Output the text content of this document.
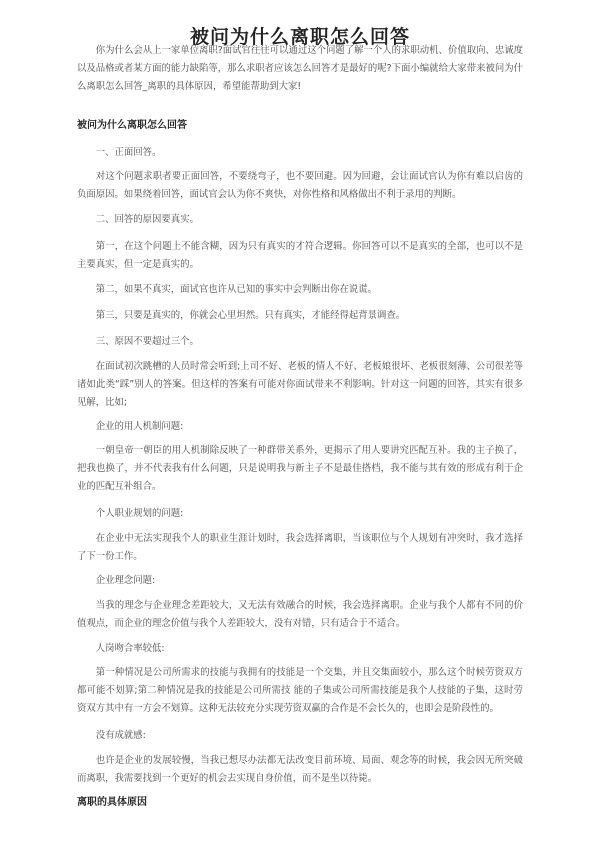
被问为什么离职怎么回答

你为什么会从上一家单位离职?面试官往往可以通过这个问题了解一个人的求职动机、价值取向、忠诚度以及品格或者某方面的能力缺陷等，那么求职者应该怎么回答才是最好的呢?下面小编就给大家带来被问为什么离职怎么回答_离职的具体原因，希望能帮助到大家!

被问为什么离职怎么回答

一、正面回答。

对这个问题求职者要正面回答，不要绕弯子，也不要回避。因为回避，会让面试官认为你有难以启齿的负面原因。如果绕着回答，面试官会认为你不爽快，对你性格和风格做出不利于录用的判断。

二、回答的原因要真实。

第一，在这个问题上不能含糊，因为只有真实的才符合逻辑。你回答可以不是真实的全部，也可以不是主要真实，但一定是真实的。

第二，如果不真实，面试官也许从已知的事实中会判断出你在说谎。

第三，只要是真实的，你就会心里坦然。只有真实，才能经得起背景调查。

三、原因不要超过三个。

在面试初次跳槽的人员时常会听到;上司不好、老板的情人不好、老板娘很坏、老板很刻薄、公司很差等诸如此类“踩”别人的答案。但这样的答案有可能对你面试带来不利影响。针对这一问题的回答，其实有很多见解，比如;

企业的用人机制问题:

一朝皇帝一朝臣的用人机制除反映了一种群带关系外，更揭示了用人要讲究匹配互补。我的主子换了，把我也换了，并不代表我有什么问题，只是说明我与新主子不是最佳搭档，我不能与其有效的形成有利于企业的匹配互补组合。

个人职业规划的问题:

在企业中无法实现我个人的职业生涯计划时，我会选择离职，当该职位与个人规划有冲突时，我才选择了下一份工作。

企业理念问题:

当我的理念与企业理念差距较大，又无法有效融合的时候，我会选择离职。企业与我个人都有不同的价值观点，而企业的理念价值与我个人差距较大，没有对错，只有适合于不适合。

人岗吻合率较低:

第一种情况是公司所需求的技能与我拥有的技能是一个交集，并且交集面较小，那么这个时候劳资双方都可能不划算;第二种情况是我的技能是公司所需技 能的子集或公司所需技能是我个人技能的子集，这时劳资双方其中有一方会不划算。这种无法较充分实现劳资双赢的合作是不会长久的，也即会是阶段性的。

没有成就感:

也许是企业的发展较慢，当我已想尽办法都无法改变目前环境、局面、观念等的时候，我会因无所突破而离职，我需要找到一个更好的机会去实现自身价值，而不是坐以待毙。

离职的具体原因
